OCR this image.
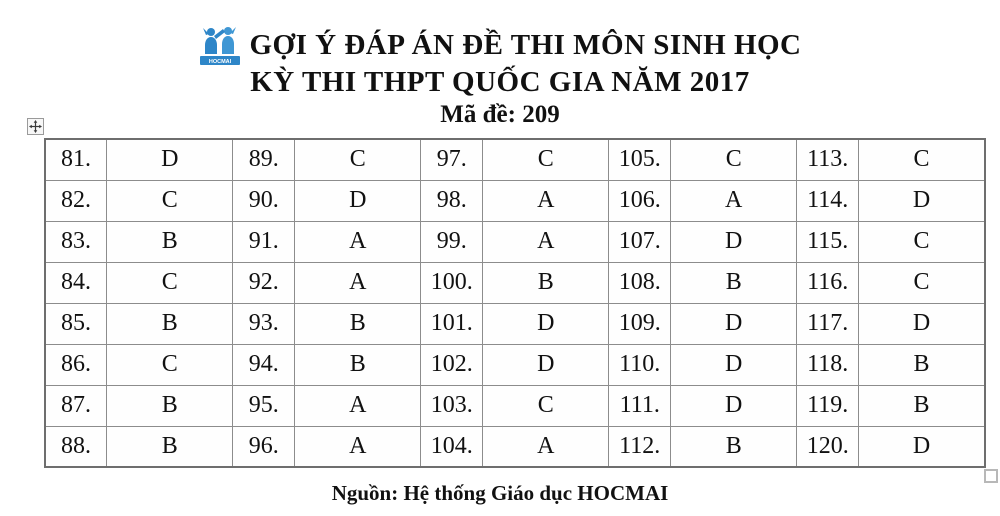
HOCMAI
GỢI Ý ĐÁP ÁN ĐỀ THI MÔN SINH HỌC
KỲ THI THPT QUỐC GIA NĂM 2017
Mã đề: 209
81.	D	89.	C	97.	C	105.	C	113.	C
82.	C	90.	D	98.	A	106.	A	114.	D
83.	B	91.	A	99.	A	107.	D	115.	C
84.	C	92.	A	100.	B	108.	B	116.	C
85.	B	93.	B	101.	D	109.	D	117.	D
86.	C	94.	B	102.	D	110.	D	118.	B
87.	B	95.	A	103.	C	111.	D	119.	B
88.	B	96.	A	104.	A	112.	B	120.	D
Nguồn: Hệ thống Giáo dục HOCMAI
